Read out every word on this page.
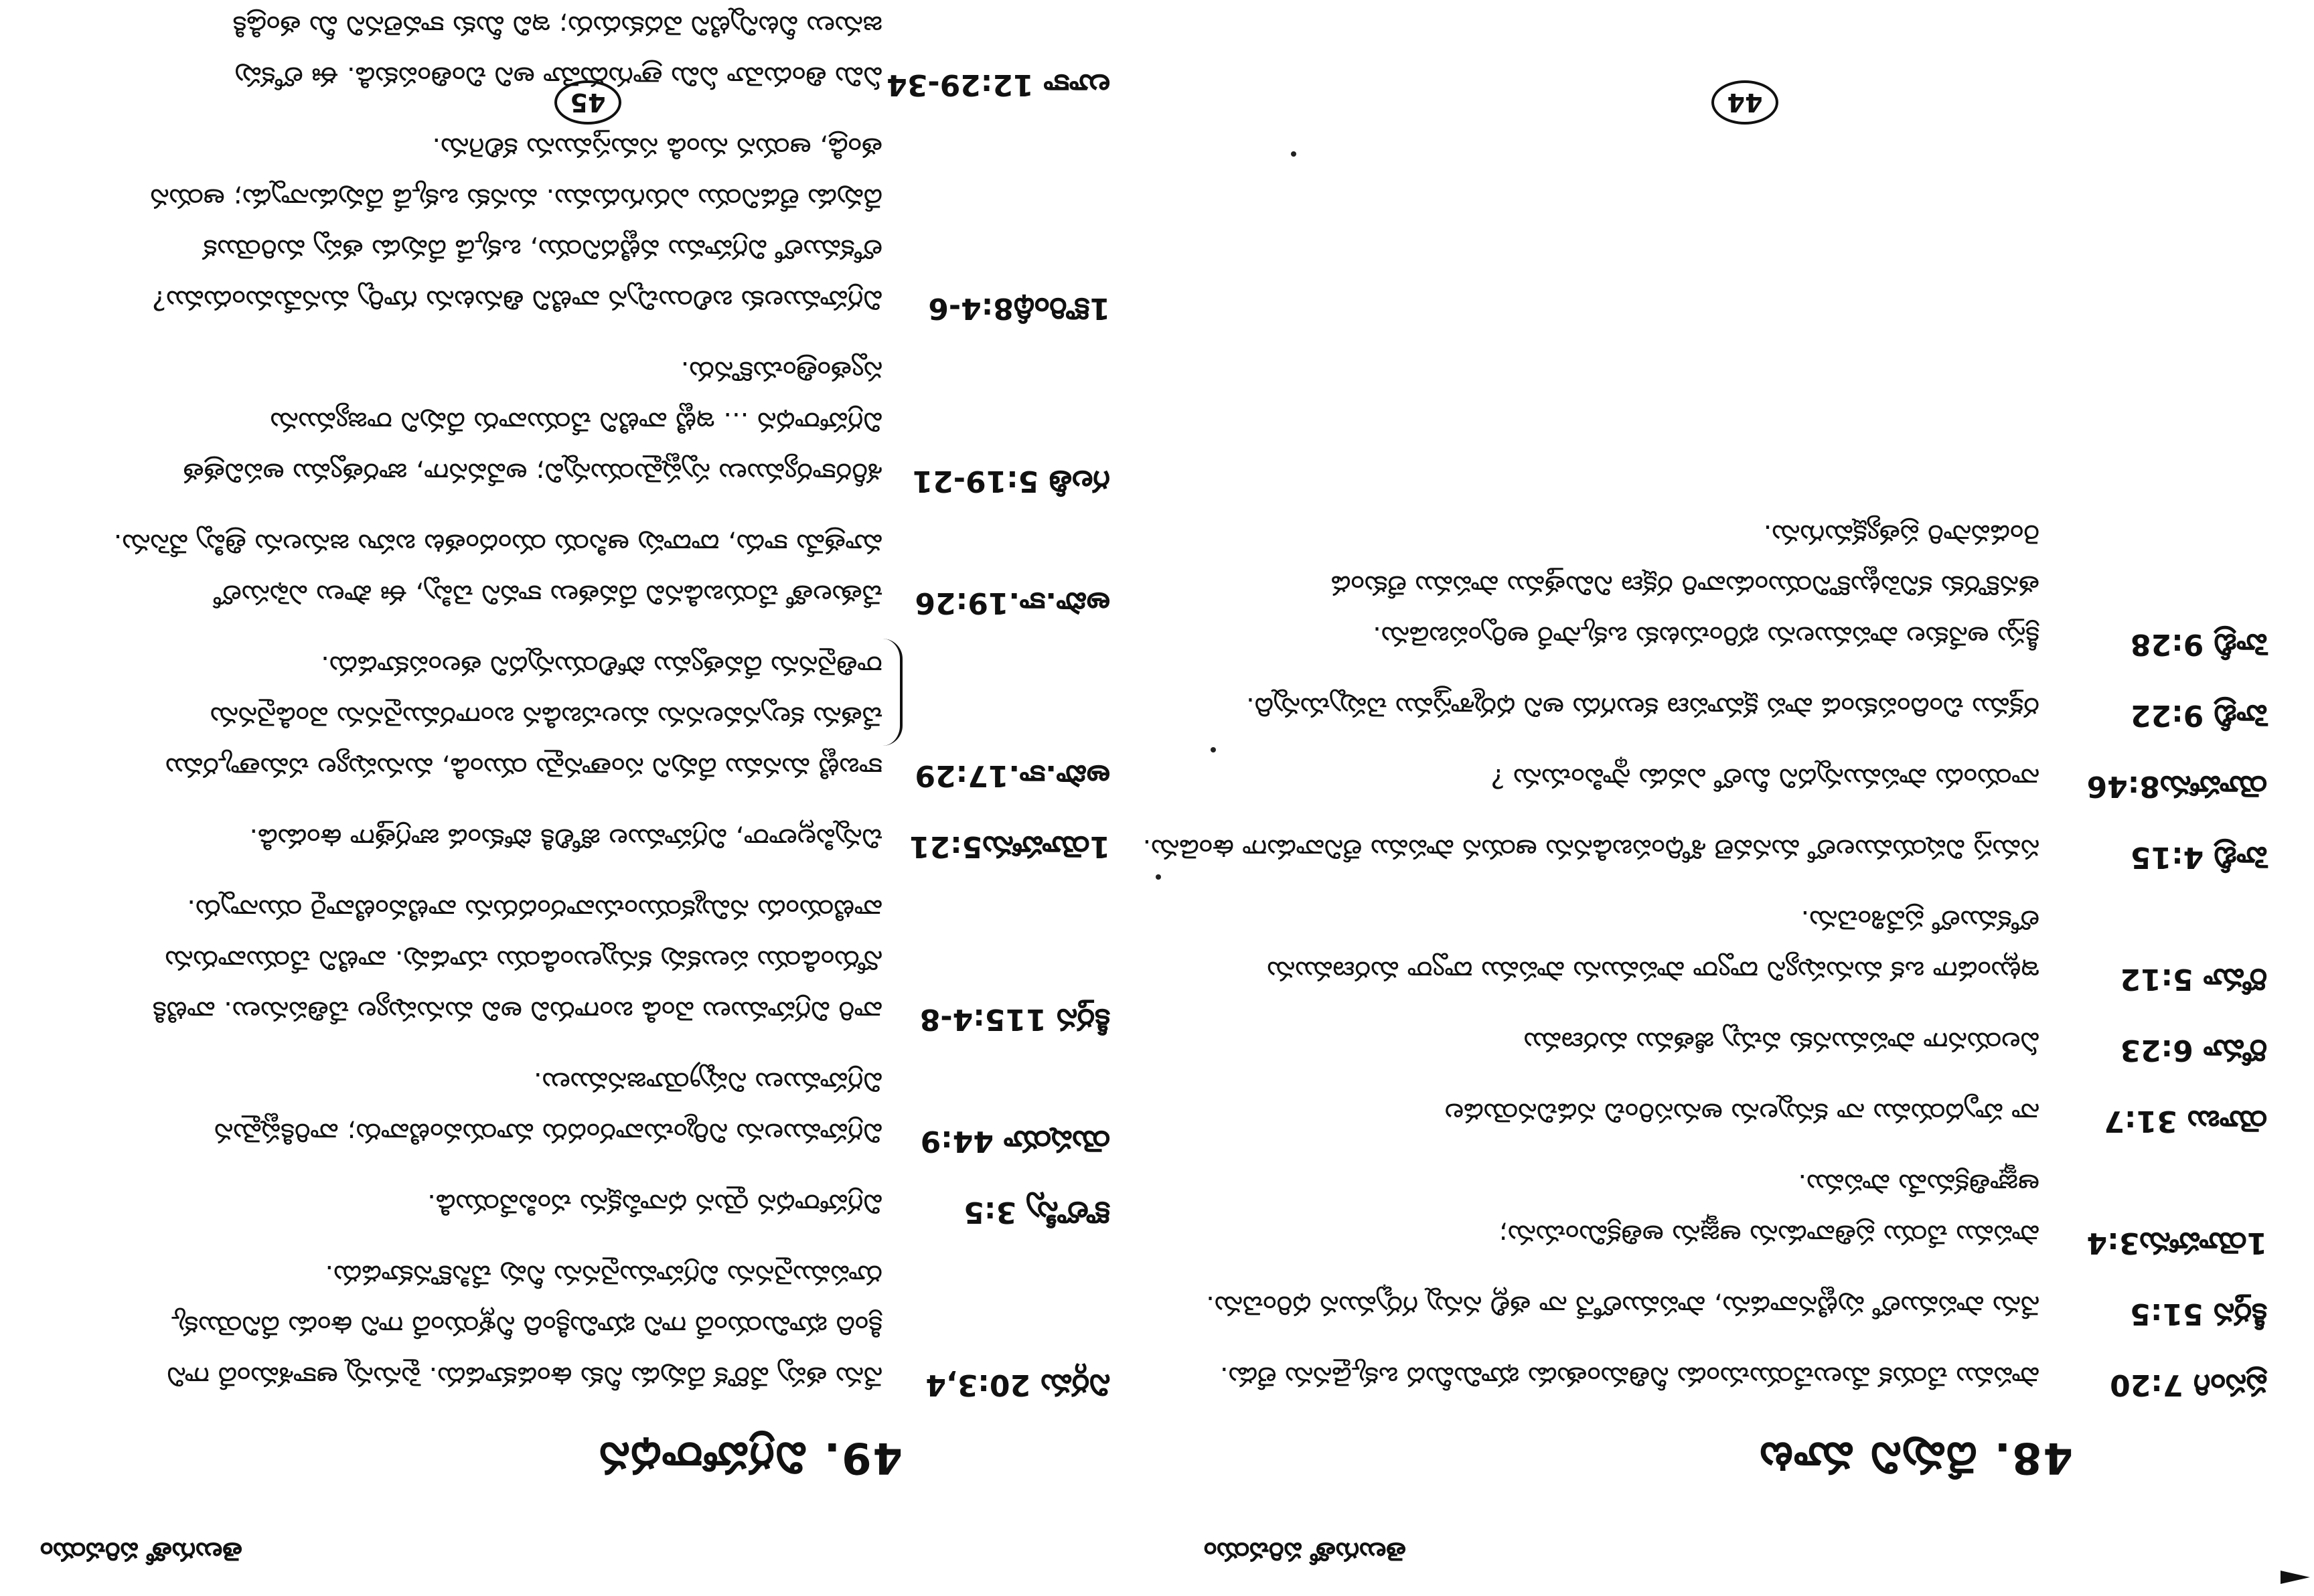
తెలుగుతో పరిచయం
48. దేవుని మాట
ప్రసంగి 7:20
పాపము చేయక మేలుచేయుచుండు నీతిమంతుడు భూమిమీద ఒక్కడైనను లేడు.
కీర్తన 51:5
నేను పాపములో పుట్టినవాడను, పాపములోనే నా తల్లి నన్ను గర్భమున ధరించెను.
1యోహాను3:4
పాపము చేయు ప్రతివాడును ఆజ్ఞను అతిక్రమించును;
ఆజ్ఞాతిక్రమమే పాపము.
యోబు 31:7
నా హృదయము నా కన్నులను అనుసరించి నడచినయెడల
రోమా 6:23
ఏలయనగా పాపమునకు వచ్చు జీతము మరణము
రోమా 5:12
ఇట్లుండగా ఒక మనుష్యుని ద్వారా పాపమును పాపము ద్వారా మరణమును
లోకములో ప్రవేశించెను.
హెబ్రీ 4:15
సమస్త విషయములలో మనవలె శోధింపబడినను ఆయన పాపము లేనివాడుగా ఉండెను.
యోహాను8:46
నాయందు పాపమున్నదని మీలో ఎవడు స్థాపించును ?
హెబ్రీ 9:22
రక్తము చిందింపకుండ పాప క్షమాపణ కలుగదు అని ధర్మశాస్త్రము చెప్పుచున్నది.
హెబ్రీ 9:28
క్రీస్తు అనేకుల పాపములను భరించుటకు ఒక్కసారే అర్పింపబడెను.
తనకొరకు కనిపెట్టుకొనియుండువారి రక్షణ నిమిత్తము పాపము లేకుండ
రెండవసారి ప్రత్యక్షమగును.
44
తెలుగుతో పరిచయం
49. విగ్రహారాధన
నిర్గమ 20:3,4
నేను తప్ప వేరొక దేవుడు నీకు ఉండకూడదు. పైనున్న ఆకాశమందే గాని
క్రింది భూమియందే గాని భూమిక్రింది నీళ్లయందే గాని ఉండు దేనియొక్క
రూపమునైనను విగ్రహమునైనను నీవు చేసికొనకూడదు.
కొలొస్సీ 3:5
విగ్రహారాధన యైన ధనాపేక్షను చంపివేయుడి.
యెషయా 44:9
విగ్రహములను నిర్మించువారందరు మాయవంటివారు; వారికిష్టమైన
విగ్రహములు నిష్ప్రయోజనములు.
కీర్తన 115:4-8
వారి విగ్రహములు వెండి బంగారువి అవి మనుష్యుల చేతిపనులు. వాటికి
నోరుండియు పలుకవు కన్నులుండియు చూడవు. వాటిని చేయువారును
వాటియందు నమ్మికయుంచువారందరును వాటివంటివారై యున్నారు.
1యోహాను5:21
చిన్నపిల్లలారా, విగ్రహముల జోలికి పోకుండ జాగ్రత్తగా ఉండుడి.
అపొ.కా.17:29
కాబట్టి మనము దేవుని సంతానమై యుండి, మనుష్యుల చమత్కారము
చేతను కల్పనవలనను మలచబడిన బంగారమునైనను వెండినైనను
రాతినైనను దేవత్వము పోలియున్నదని తలంపకూడదు.
అపొ.కా.19:26
చేతులతో చేయబడినవి దేవతలు కావని చెప్పి, ఈ పౌలు ఎఫెసులో
మాత్రమే కాదు, దాదాపు ఆసియ యందంతట బహు జనులను త్రిప్పి వేసెను.
గలతీ 5:19-21
శరీరకార్యములు స్పష్టమైయున్నవి; అవేవనగా, జారత్వము అపవిత్రత
విగ్రహారాధన ... ఇట్టి వాటిని చేయువారు దేవుని రాజ్యమును
స్వతంత్రించుకొనరు.
1కొరింథీ8:4-6
విగ్రహములకు బలియిచ్చిన వాటిని తినుటను గూర్చి మనమేమందుము?
లోకములో విగ్రహము వట్టిదనియు, ఒక్కడే దేవుడు తప్ప మరియొక
దేవుడు లేడనియు ఎరుగుదుము. మనకు ఒక్కడే దేవుడున్నాడు; ఆయన
తండ్రి, ఆయన నుండి సమస్తమును కలిగెను.
లూకా 12:29-34
ఏమి తిందుమో ఏమి త్రాగుదుమో అని చింతింపకుడి. ఈ లోకపు
జనులు వీటన్నిటిని వెదకుదురు; ఇవి మీకు కావలెనని మీ తండ్రికి
45
